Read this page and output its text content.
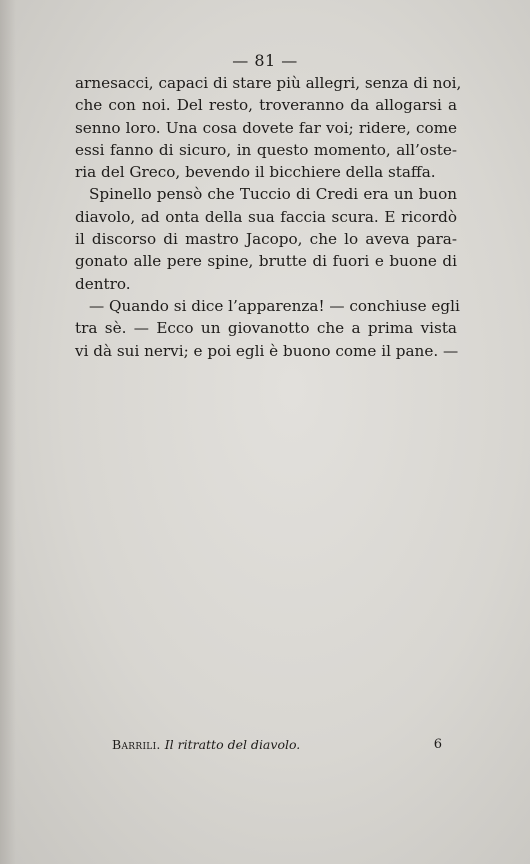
— 81 —
arnesacci, capaci di stare più allegri, senza di noi,
che con noi. Del resto, troveranno da allogarsi a
senno loro. Una cosa dovete far voi; ridere, come
essi fanno di sicuro, in questo momento, all’oste-
ria del Greco, bevendo il bicchiere della staffa.
Spinello pensò che Tuccio di Credi era un buon
diavolo, ad onta della sua faccia scura. E ricordò
il discorso di mastro Jacopo, che lo aveva para-
gonato alle pere spine, brutte di fuori e buone di
dentro.
— Quando si dice l’apparenza! — conchiuse egli
tra sè. — Ecco un giovanotto che a prima vista
vi dà sui nervi; e poi egli è buono come il pane. —
Barrili. Il ritratto del diavolo.	6
